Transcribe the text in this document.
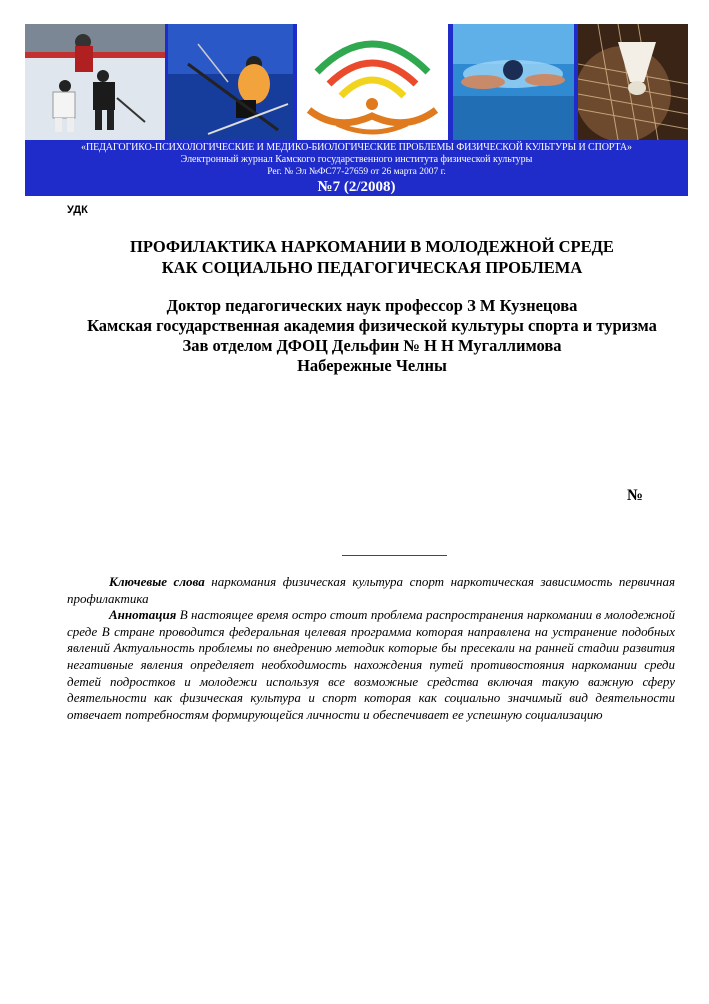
«ПЕДАГОГИКО-ПСИХОЛОГИЧЕСКИЕ И МЕДИКО-БИОЛОГИЧЕСКИЕ ПРОБЛЕМЫ ФИЗИЧЕСКОЙ КУЛЬТУРЫ И СПОРТА»
Электронный журнал Камского государственного института физической культуры
Рег. № Эл №ФС77-27659 от 26 марта 2007 г.
№7 (2/2008)
УДК
ПРОФИЛАКТИКА НАРКОМАНИИ В МОЛОДЕЖНОЙ СРЕДЕ
КАК СОЦИАЛЬНО ПЕДАГОГИЧЕСКАЯ ПРОБЛЕМА
Доктор педагогических наук профессор З М Кузнецова
Камская государственная академия физической культуры спорта и туризма
Зав отделом ДФОЦ Дельфин № Н Н Мугаллимова
Набережные Челны
№

Ключевые слова наркомания физическая культура спорт наркотическая зависимость первичная профилактика

Аннотация В настоящее время остро стоит проблема распространения наркомании в молодежной среде В стране проводится федеральная целевая программа которая направлена на устранение подобных явлений Актуальность проблемы по внедрению методик которые бы пресекали на ранней стадии развития негативные явления определяет необходимость нахождения путей противостояния наркомании среди детей подростков и молодежи используя все возможные средства включая такую важную сферу деятельности как физическая культура и спорт которая как социально значимый вид деятельности отвечает потребностям формирующейся личности и обеспечивает ее успешную социализацию
